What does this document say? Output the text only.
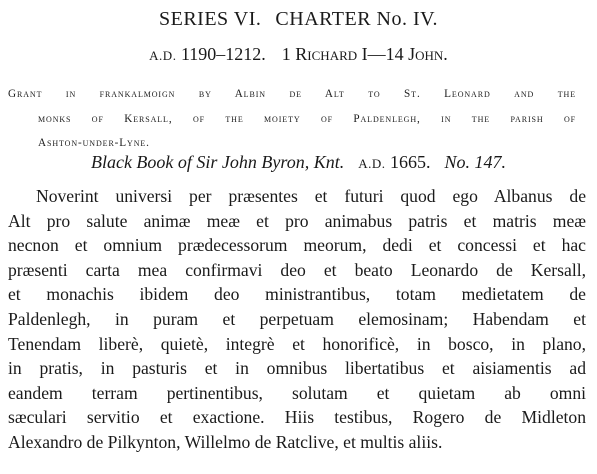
SERIES VI. CHARTER No. IV.
A.D. 1190–1212. 1 Richard I—14 John.
Grant in frankalmoign by Albin de Alt to St. Leonard and the
monks of Kersall, of the moiety of Paldenlegh, in the parish of
Ashton-under-Lyne.
Black Book of Sir John Byron, Knt. A.D. 1665. No. 147.
Noverint universi per præsentes et futuri quod ego Albanus de
Alt pro salute animæ meæ et pro animabus patris et matris meæ
necnon et omnium prædecessorum meorum, dedi et concessi et hac
præsenti carta mea confirmavi deo et beato Leonardo de Kersall,
et monachis ibidem deo ministrantibus, totam medietatem de
Paldenlegh, in puram et perpetuam elemosinam; Habendam et
Tenendam liberè, quietè, integrè et honorificè, in bosco, in plano,
in pratis, in pasturis et in omnibus libertatibus et aisiamentis ad
eandem terram pertinentibus, solutam et quietam ab omni
sæculari servitio et exactione. Hiis testibus, Rogero de Midleton
Alexandro de Pilkynton, Willelmo de Ratclive, et multis aliis.
